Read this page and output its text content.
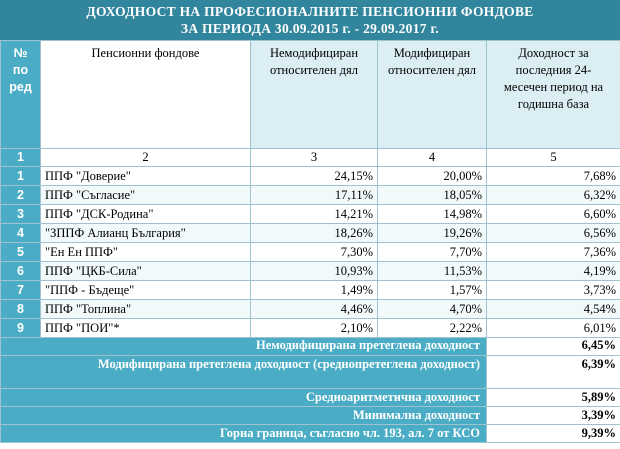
ДОХОДНОСТ НА ПРОФЕСИОНАЛНИТЕ ПЕНСИОННИ ФОНДОВЕ
ЗА ПЕРИОДА 30.09.2015 г. - 29.09.2017 г.
№
по
ред	Пенсионни фондове	Немодифициран относителен дял	Модифициран относителен дял	Доходност за последния 24-месечен период на годишна база
1	2	3	4	5
1	ППФ "Доверие"	24,15%	20,00%	7,68%
2	ППФ "Съгласие"	17,11%	18,05%	6,32%
3	ППФ "ДСК-Родина"	14,21%	14,98%	6,60%
4	"ЗППФ Алианц България"	18,26%	19,26%	6,56%
5	"Ен Ен ППФ"	7,30%	7,70%	7,36%
6	ППФ "ЦКБ-Сила"	10,93%	11,53%	4,19%
7	"ППФ - Бъдеще"	1,49%	1,57%	3,73%
8	ППФ "Топлина"	4,46%	4,70%	4,54%
9	ППФ "ПОИ"*	2,10%	2,22%	6,01%
Немодифицирана претеглена доходност				6,45%
Модифицирана претеглена доходност (среднопретеглена доходност)				6,39%
Средноаритметична доходност				5,89%
Минимална доходност				3,39%
Горна граница, съгласно чл. 193, ал. 7 от КСО				9,39%
